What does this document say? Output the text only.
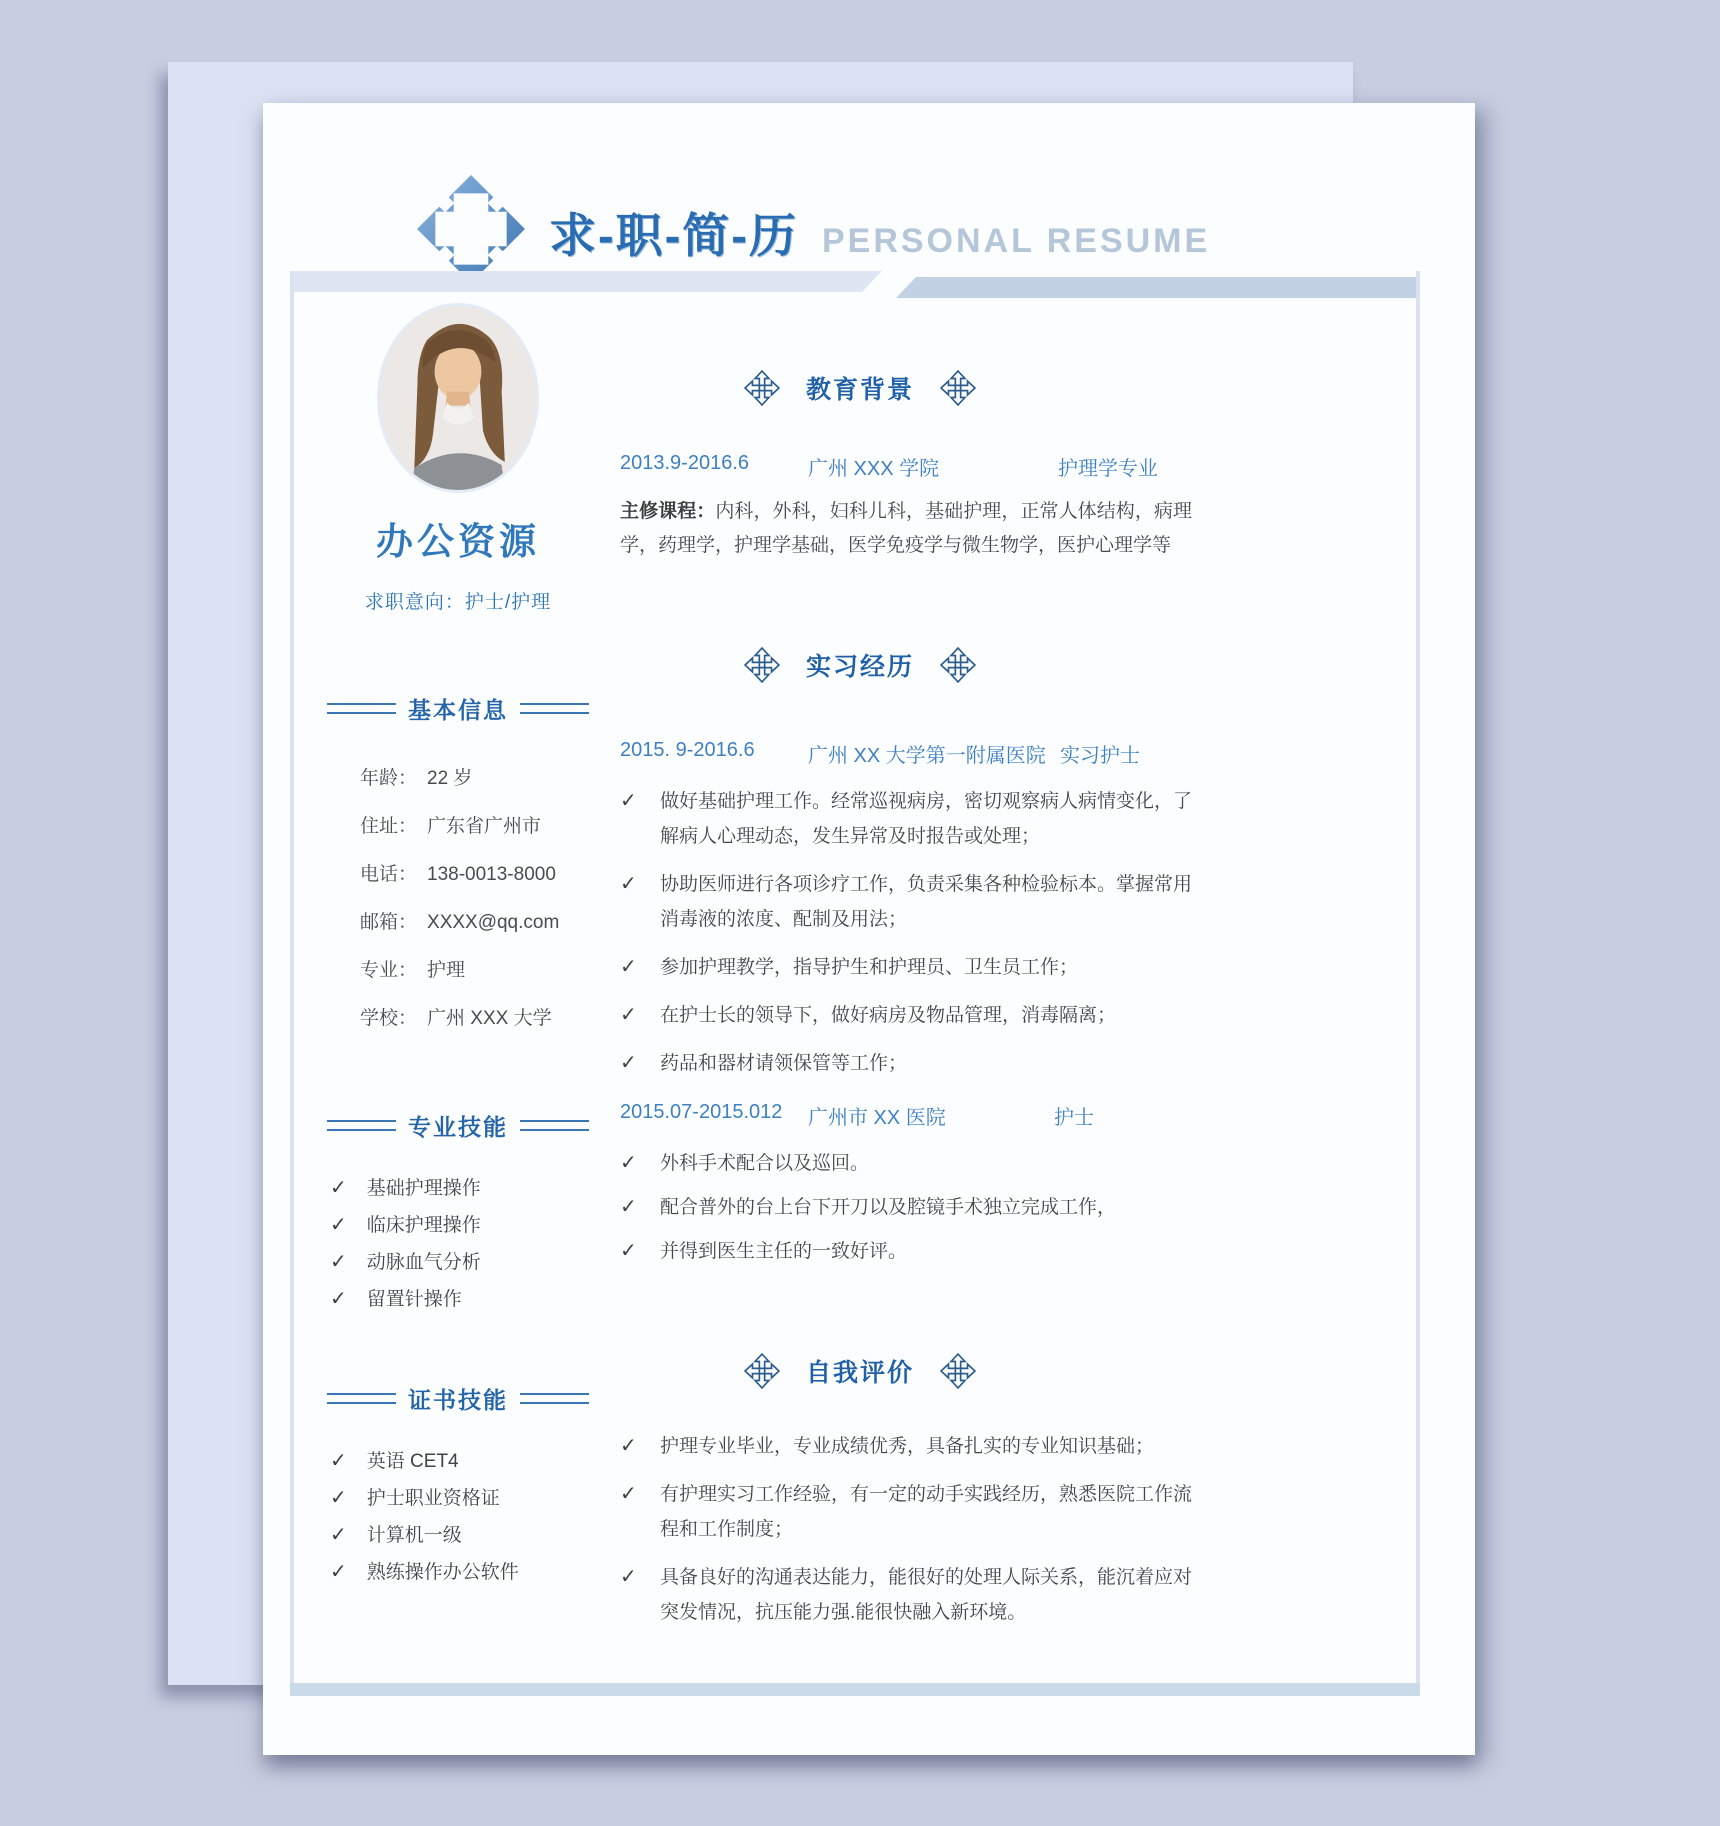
求-职-简-历 PERSONAL RESUME
办公资源
求职意向：护士/护理
基本信息
年龄： 22 岁
住址： 广东省广州市
电话： 138-0013-8000
邮箱： XXXX@qq.com
专业： 护理
学校： 广州 XXX 大学
专业技能
✓ 基础护理操作
✓ 临床护理操作
✓ 动脉血气分析
✓ 留置针操作
证书技能
✓ 英语 CET4
✓ 护士职业资格证
✓ 计算机一级
✓ 熟练操作办公软件
教育背景
2013.9-2016.6	广州 XXX 学院	护理学专业
主修课程：内科，外科，妇科儿科，基础护理，正常人体结构，病理学，药理学，护理学基础，医学免疫学与微生物学，医护心理学等
实习经历
2015. 9-2016.6	广州 XX 大学第一附属医院 实习护士
✓	做好基础护理工作。经常巡视病房，密切观察病人病情变化，了解病人心理动态，发生异常及时报告或处理；
✓	协助医师进行各项诊疗工作，负责采集各种检验标本。掌握常用消毒液的浓度、配制及用法；
✓	参加护理教学，指导护生和护理员、卫生员工作；
✓	在护士长的领导下，做好病房及物品管理，消毒隔离；
✓	药品和器材请领保管等工作；
2015.07-2015.012	广州市 XX 医院	护士
✓	外科手术配合以及巡回。
✓	配合普外的台上台下开刀以及腔镜手术独立完成工作，
✓	并得到医生主任的一致好评。
自我评价
✓	护理专业毕业，专业成绩优秀，具备扎实的专业知识基础；
✓	有护理实习工作经验，有一定的动手实践经历，熟悉医院工作流程和工作制度；
✓	具备良好的沟通表达能力，能很好的处理人际关系，能沉着应对突发情况，抗压能力强.能很快融入新环境。
